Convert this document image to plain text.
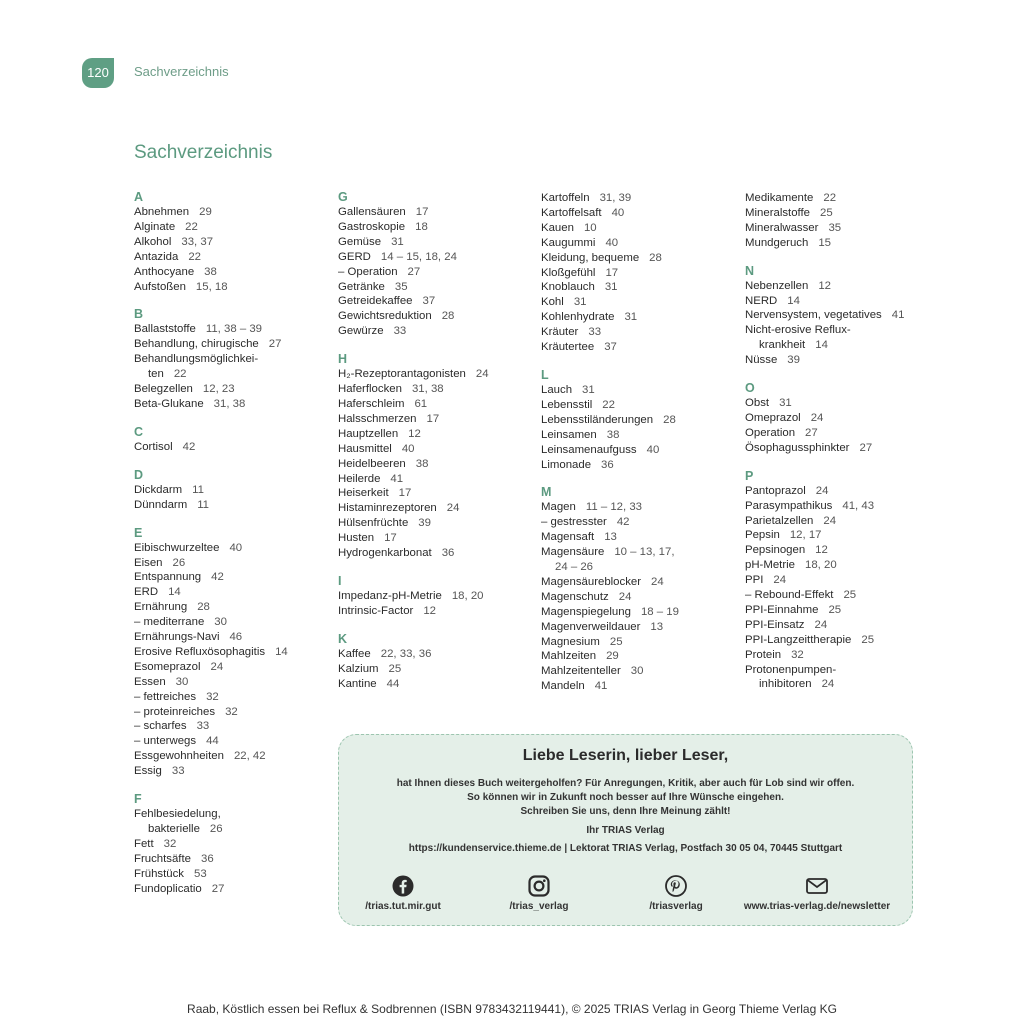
120	Sachverzeichnis
Sachverzeichnis
A
Abnehmen 29
Alginate 22
Alkohol 33, 37
Antazida 22
Anthocyane 38
Aufstoßen 15, 18
B
Ballaststoffe 11, 38 – 39
Behandlung, chirugische 27
Behandlungsmöglichkei-
ten 22
Belegzellen 12, 23
Beta-Glukane 31, 38
C
Cortisol 42
D
Dickdarm 11
Dünndarm 11
E
Eibischwurzeltee 40
Eisen 26
Entspannung 42
ERD 14
Ernährung 28
– mediterrane 30
Ernährungs-Navi 46
Erosive Refluxösophagitis 14
Esomeprazol 24
Essen 30
– fettreiches 32
– proteinreiches 32
– scharfes 33
– unterwegs 44
Essgewohnheiten 22, 42
Essig 33
F
Fehlbesiedelung,
bakterielle 26
Fett 32
Fruchtsäfte 36
Frühstück 53
Fundoplicatio 27
G
Gallensäuren 17
Gastroskopie 18
Gemüse 31
GERD 14 – 15, 18, 24
– Operation 27
Getränke 35
Getreidekaffee 37
Gewichtsreduktion 28
Gewürze 33
H
H₂-Rezeptorantagonisten 24
Haferflocken 31, 38
Haferschleim 61
Halsschmerzen 17
Hauptzellen 12
Hausmittel 40
Heidelbeeren 38
Heilerde 41
Heiserkeit 17
Histaminrezeptoren 24
Hülsenfrüchte 39
Husten 17
Hydrogenkarbonat 36
I
Impedanz-pH-Metrie 18, 20
Intrinsic-Factor 12
K
Kaffee 22, 33, 36
Kalzium 25
Kantine 44
Kartoffeln 31, 39
Kartoffelsaft 40
Kauen 10
Kaugummi 40
Kleidung, bequeme 28
Kloßgefühl 17
Knoblauch 31
Kohl 31
Kohlenhydrate 31
Kräuter 33
Kräutertee 37
L
Lauch 31
Lebensstil 22
Lebensstiländerungen 28
Leinsamen 38
Leinsamenaufguss 40
Limonade 36
M
Magen 11 – 12, 33
– gestresster 42
Magensaft 13
Magensäure 10 – 13, 17,
24 – 26
Magensäureblocker 24
Magenschutz 24
Magenspiegelung 18 – 19
Magenverweildauer 13
Magnesium 25
Mahlzeiten 29
Mahlzeitenteller 30
Mandeln 41
Medikamente 22
Mineralstoffe 25
Mineralwasser 35
Mundgeruch 15
N
Nebenzellen 12
NERD 14
Nervensystem, vegetatives 41
Nicht-erosive Reflux-
krankheit 14
Nüsse 39
O
Obst 31
Omeprazol 24
Operation 27
Ösophagussphinkter 27
P
Pantoprazol 24
Parasympathikus 41, 43
Parietalzellen 24
Pepsin 12, 17
Pepsinogen 12
pH-Metrie 18, 20
PPI 24
– Rebound-Effekt 25
PPI-Einnahme 25
PPI-Einsatz 24
PPI-Langzeittherapie 25
Protein 32
Protonenpumpen-
inhibitoren 24
Liebe Leserin, lieber Leser,
hat Ihnen dieses Buch weitergeholfen? Für Anregungen, Kritik, aber auch für Lob sind wir offen.
So können wir in Zukunft noch besser auf Ihre Wünsche eingehen.
Schreiben Sie uns, denn Ihre Meinung zählt!
Ihr TRIAS Verlag
https://kundenservice.thieme.de | Lektorat TRIAS Verlag, Postfach 30 05 04, 70445 Stuttgart
/trias.tut.mir.gut	/trias_verlag	/triasverlag	www.trias-verlag.de/newsletter
Raab, Köstlich essen bei Reflux & Sodbrennen (ISBN 9783432119441), © 2025 TRIAS Verlag in Georg Thieme Verlag KG
